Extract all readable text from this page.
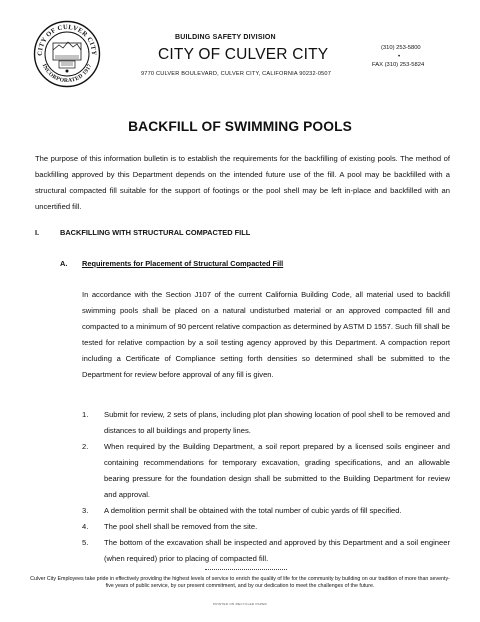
CITY OF CULVER CITY
INCORPORATED 1917
BUILDING SAFETY DIVISION
CITY OF CULVER CITY
9770 CULVER BOULEVARD, CULVER CITY, CALIFORNIA 90232-0507
(310) 253-5800
•
FAX (310) 253-5824
BACKFILL OF SWIMMING POOLS
The purpose of this information bulletin is to establish the requirements for the backfilling of existing pools. The method of backfilling approved by this Department depends on the intended future use of the fill. A pool may be backfilled with a structural compacted fill suitable for the support of footings or the pool shell may be left in-place and backfilled with an uncertified fill.
I.	BACKFILLING WITH STRUCTURAL COMPACTED FILL
A. Requirements for Placement of Structural Compacted Fill
In accordance with the Section J107 of the current California Building Code, all material used to backfill swimming pools shall be placed on a natural undisturbed material or an approved compacted fill and compacted to a minimum of 90 percent relative compaction as determined by ASTM D 1557. Such fill shall be tested for relative compaction by a soil testing agency approved by this Department. A compaction report including a Certificate of Compliance setting forth densities so determined shall be submitted to the Department for review before approval of any fill is given.
1.	Submit for review, 2 sets of plans, including plot plan showing location of pool shell to be removed and distances to all buildings and property lines.
2.	When required by the Building Department, a soil report prepared by a licensed soils engineer and containing recommendations for temporary excavation, grading specifications, and an allowable bearing pressure for the foundation design shall be submitted to the Building Department for review and approval.
3.	A demolition permit shall be obtained with the total number of cubic yards of fill specified.
4.	The pool shell shall be removed from the site.
5.	The bottom of the excavation shall be inspected and approved by this Department and a soil engineer (when required) prior to placing of compacted fill.
Culver City Employees take pride in effectively providing the highest levels of service to enrich the quality of life for the community by building on our tradition of more than seventy-five years of public service, by our present commitment, and by our dedication to meet the challenges of the future.
PRINTED ON RECYCLED PAPER
